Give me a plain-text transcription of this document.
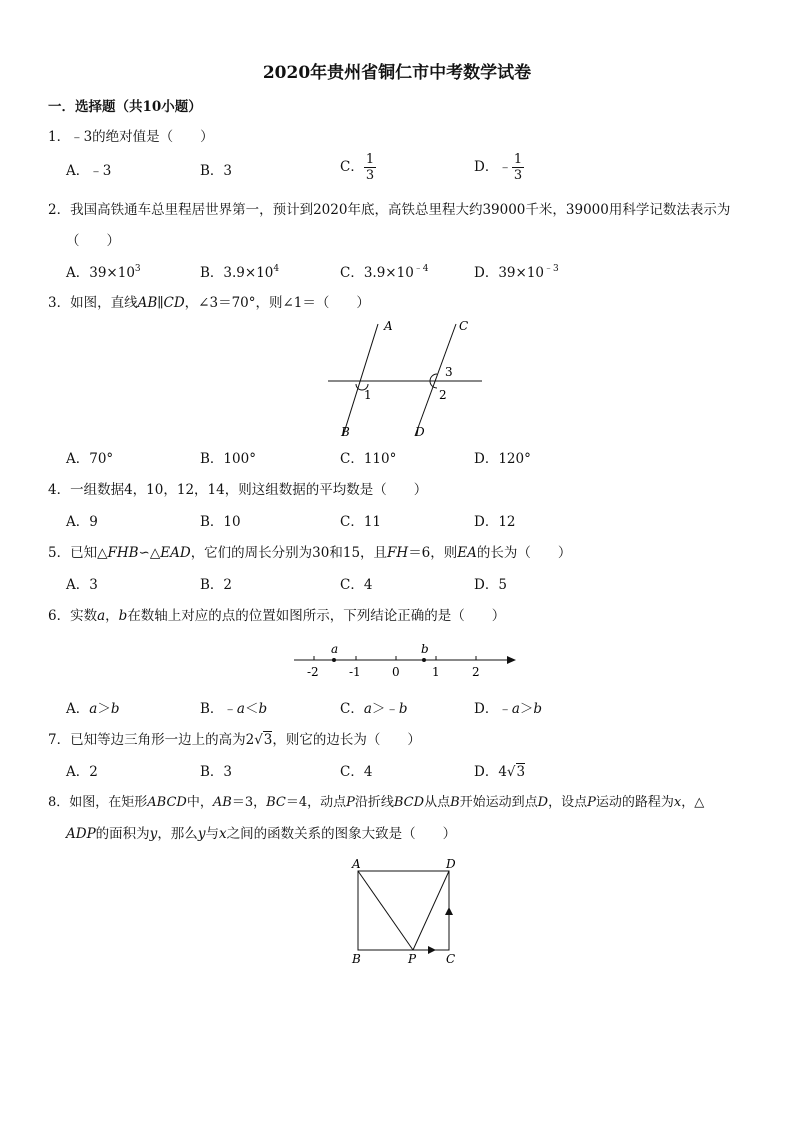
2020年贵州省铜仁市中考数学试卷
一．选择题（共10小题）
1．﹣3的绝对值是（　　）
A．﹣3	B．3	C． $\frac{1}{3}$	D．﹣ $\frac{1}{3}$
2．我国高铁通车总里程居世界第一，预计到2020年底，高铁总里程大约39000千米，39000用科学记数法表示为
（　　）
A．$39\times 10^3$	B．$3.9\times 10^4$	C．$3.9\times 10^{﹣4}$	D．$39\times 10^{﹣3}$
3．如图，直线AB∥CD，∠3＝70°，则∠1＝（　　）
A
B
C
D
1	2
3
A．70°	B．100°	C．110°	D．120°
4．一组数据4，10，12，14，则这组数据的平均数是（　　）
A．9	B．10	C．11	D．12
5．已知△FHB∽△EAD，它们的周长分别为30和15，且FH＝6，则EA的长为（　　）
A．3	B．2	C．4	D．5
6．实数a，b在数轴上对应的点的位置如图所示，下列结论正确的是（　　）
a	b
-2	-1	0	1	2
A．a＞b	B．﹣a＜b	C．a＞﹣b	D．﹣a＞b
7．已知等边三角形一边上的高为2√3，则它的边长为（　　）
A．2	B．3	C．4	D．4√3
8．如图，在矩形ABCD中，AB＝3，BC＝4，动点P沿折线BCD从点B开始运动到点D，设点P运动的路程为x，△
ADP的面积为y，那么y与x之间的函数关系的图象大致是（　　）
A	D
B	P C
